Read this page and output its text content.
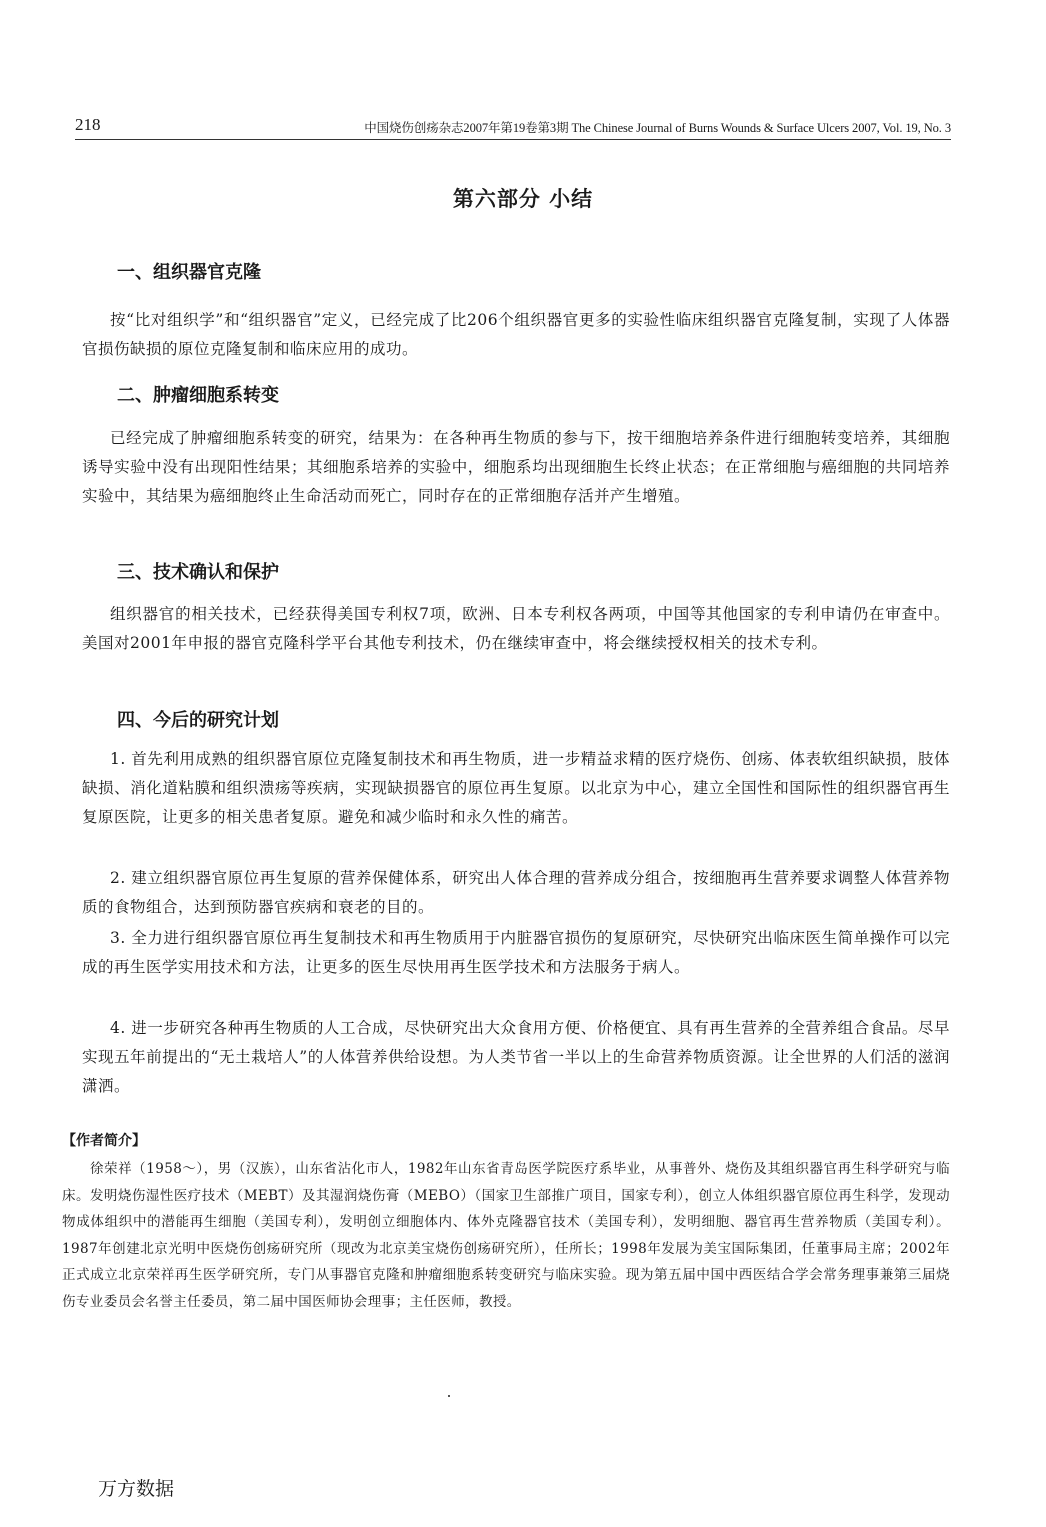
218	中国烧伤创疡杂志2007年第19卷第3期 The Chinese Journal of Burns Wounds & Surface Ulcers 2007, Vol. 19, No. 3
第六部分 小结
一、组织器官克隆

按“比对组织学”和“组织器官”定义，已经完成了比206个组织器官更多的实验性临床组织器官克隆复制，实现了人体器官损伤缺损的原位克隆复制和临床应用的成功。

二、肿瘤细胞系转变

已经完成了肿瘤细胞系转变的研究，结果为：在各种再生物质的参与下，按干细胞培养条件进行细胞转变培养，其细胞诱导实验中没有出现阳性结果；其细胞系培养的实验中，细胞系均出现细胞生长终止状态；在正常细胞与癌细胞的共同培养实验中，其结果为癌细胞终止生命活动而死亡，同时存在的正常细胞存活并产生增殖。

三、技术确认和保护

组织器官的相关技术，已经获得美国专利权7项，欧洲、日本专利权各两项，中国等其他国家的专利申请仍在审查中。美国对2001年申报的器官克隆科学平台其他专利技术，仍在继续审查中，将会继续授权相关的技术专利。

四、今后的研究计划

1. 首先利用成熟的组织器官原位克隆复制技术和再生物质，进一步精益求精的医疗烧伤、创疡、体表软组织缺损，肢体缺损、消化道粘膜和组织溃疡等疾病，实现缺损器官的原位再生复原。以北京为中心，建立全国性和国际性的组织器官再生复原医院，让更多的相关患者复原。避免和减少临时和永久性的痛苦。

2. 建立组织器官原位再生复原的营养保健体系，研究出人体合理的营养成分组合，按细胞再生营养要求调整人体营养物质的食物组合，达到预防器官疾病和衰老的目的。

3. 全力进行组织器官原位再生复制技术和再生物质用于内脏器官损伤的复原研究，尽快研究出临床医生简单操作可以完成的再生医学实用技术和方法，让更多的医生尽快用再生医学技术和方法服务于病人。

4. 进一步研究各种再生物质的人工合成，尽快研究出大众食用方便、价格便宜、具有再生营养的全营养组合食品。尽早实现五年前提出的“无土栽培人”的人体营养供给设想。为人类节省一半以上的生命营养物质资源。让全世界的人们活的滋润潇洒。

【作者简介】

徐荣祥（1958～），男（汉族），山东省沾化市人，1982年山东省青岛医学院医疗系毕业，从事普外、烧伤及其组织器官再生科学研究与临床。发明烧伤湿性医疗技术（MEBT）及其湿润烧伤膏（MEBO）（国家卫生部推广项目，国家专利），创立人体组织器官原位再生科学，发现动物成体组织中的潜能再生细胞（美国专利），发明创立细胞体内、体外克隆器官技术（美国专利），发明细胞、器官再生营养物质（美国专利）。1987年创建北京光明中医烧伤创疡研究所（现改为北京美宝烧伤创疡研究所），任所长；1998年发展为美宝国际集团，任董事局主席；2002年正式成立北京荣祥再生医学研究所，专门从事器官克隆和肿瘤细胞系转变研究与临床实验。现为第五届中国中西医结合学会常务理事兼第三届烧伤专业委员会名誉主任委员，第二届中国医师协会理事；主任医师，教授。

万方数据
